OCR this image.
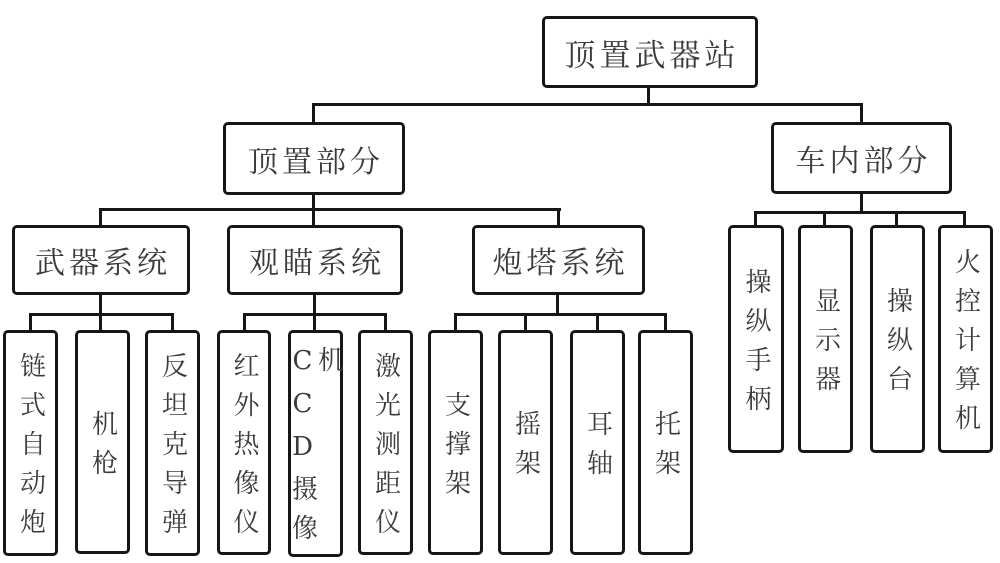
顶置武器站
顶置部分	车内部分
武器系统	观瞄系统	炮塔系统
链式自动炮 机枪 反坦克导弹 红外热像仪 CCD摄像机 激光测距仪 支撑架 摇架 耳轴 托架
操纵手柄 显示器 操纵台 火控计算机
